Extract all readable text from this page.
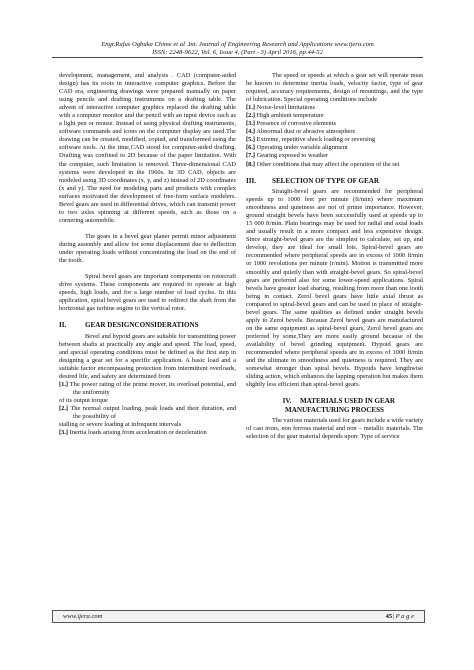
Engr.Rufus Ogbuka Chime et al .Int. Journal of Engineering Research and Applications www.ijera.com
ISSN: 2248-9622, Vol. 6, Issue 4, (Part - 3) April 2016, pp.44-52

development, management, and analysis . CAD (computer-aided design) has its roots in interactive computer graphics. Before the CAD era, engineering drawings were prepared manually on paper using pencils and drafting instruments on a drafting table. The advent of interactive computer graphics replaced the drafting table with a computer monitor and the pencil with an input device such as a light pen or mouse. Instead of using physical drafting instruments, software commands and icons on the computer display are used.The drawing can be created, modified, copied, and transformed using the software tools. At the time,CAD stood for computer-aided drafting. Drafting was confined to 2D because of the paper limitation. With the computer, such limitation is removed. Three-dimensional CAD systems were developed in the 1960s. In 3D CAD, objects are modeled using 3D coordinates (x, y, and z) instead of 2D coordinates (x and y). The need for modeling parts and products with complex surfaces motivated the development of free-form surface modelers. Bevel gears are used in differential drives, which can transmit power to two axles spinning at different speeds, such as those on a cornering automobile.

The gears in a bevel gear planer permit minor adjustment during assembly and allow for some displacement due to deflection under operating loads without concentrating the load on the end of the tooth.

Spiral bevel gears are important components on rotorcraft drive systems. These components are required to operate at high speeds, high loads, and for a large number of load cycles. In this application, spiral bevel gears are used to redirect the shaft from the horizontal gas turbine engine to the vertical rotor.

II.	GEAR DESIGNCONSIDERATIONS

Bevel and hypoid gears are suitable for transmitting power between shafts at practically any angle and speed. The load, speed, and special operating conditions must be defined as the first step in designing a gear set for a specific application. A basic load and a suitable factor encompassing protection from intermittent overloads, desired life, and safety are determined from

[1.] The power rating of the prime mover, its overload potential, and the uniformity

of its output torque

[2.] The normal output loading, peak loads and their duration, and the possibility of

stalling or severe loading at infrequent intervals

[3.] Inertia loads arising from acceleration or deceleration

The speed or speeds at which a gear set will operate must be known to determine inertia loads, velocity factor, type of gear required, accuracy requirements, design of mountings, and the type of lubrication. Special operating conditions include

[1.] Noise-level limitations

[2.] High ambient temperature

[3.] Presence of corrosive elements

[4.] Abnormal dust or abrasive atmosphere

[5.] Extreme, repetitive shock loading or reversing

[6.] Operating under variable alignment

[7.] Gearing exposed to weather

[8.] Other conditions that may affect the operation of the set

III. SELECTION OF TYPE OF GEAR

Straight-bevel gears are recommended for peripheral speeds up to 1000 feet per minute (ft/min) where maximum smoothness and quietness are not of prime importance. However, ground straight bevels have been successfully used at speeds up to 15 000 ft/min. Plain bearings may be used for radial and axial loads and usually result in a more compact and less expensive design. Since straight-bevel gears are the simplest to calculate, set up, and develop, they are ideal for small lots. Spiral-bevel gears are recommended where peripheral speeds are in excess of 1000 ft/min or 1000 revolutions per minute (r/min). Motion is transmitted more smoothly and quietly than with straight-bevel gears. So spiral-bevel gears are preferred also for some lower-speed applications. Spiral bevels have greater load sharing, resulting from more than one tooth being in contact. Zerol bevel gears have little axial thrust as compared to spiral-bevel gears and can be used in place of straight-bevel gears. The same qualities as defined under straight bevels apply to Zerol bevels. Because Zerol bevel gears are manufactured on the same equipment as spiral-bevel gears, Zerol bevel gears are preferred by some,They are more easily ground because of the availability of bevel grinding equipment. Hypoid gears are recommended where peripheral speeds are in excess of 1000 ft/min and the ultimate in smoothness and quietness is required. They are somewhat stronger than spiral bevels. Hypoids have lengthwise sliding action, which enhances the lapping operation but makes them slightly less efficient than spiral-bevel gears.

IV. MATERIALS USED IN GEAR MANUFACTURING PROCESS

The various materials used for gears include a wide variety of cast irons, non ferrous material and non – metallic materials. The selection of the gear material depends upon: Type of service

www.ijera.com	45| P a g e
